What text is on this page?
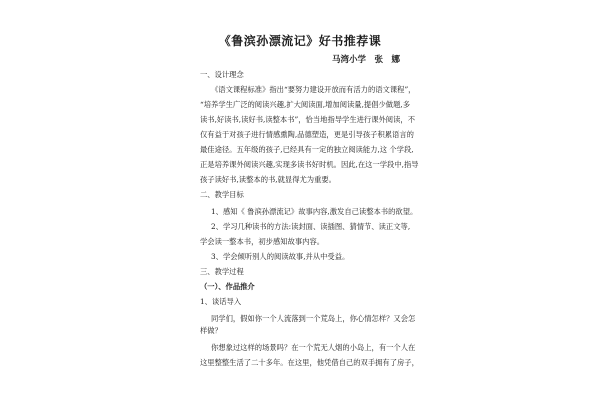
《鲁滨孙漂流记》好书推荐课
马湾小学　张　娜
一、设计理念
《语文课程标准》指出“要努力建设开放而有活力的语文课程”，
“培养学生广泛的阅读兴趣,扩大阅读面,增加阅读量,提倡少做题,多
读书,好读书,读好书,读整本书”，恰当地指导学生进行课外阅读，不
仅有益于对孩子进行情感熏陶,品德塑造，更是引导孩子积累语言的
最佳途径。五年级的孩子,已经具有一定的独立阅读能力,这 个学段,
正是培养课外阅读兴趣,实现多读书好时机。因此,在这一学段中,指导
孩子读好书,读整本的书,就显得尤为重要。
二、教学目标
1、感知《 鲁滨孙漂流记》故事内容,激发自己读整本书的欲望。
2、学习几种读书的方法:读封面、读插图、猜情节、读正文等,
学会读一整本书，初步感知故事内容。
3、学会倾听别人的阅读故事,并从中受益。
三、教学过程
（一）、作品推介
1、谈话导入
同学们，假如你一个人流落到一个荒岛上，你心情怎样？又会怎
样做？
你想象过这样的场景吗？在一个荒无人烟的小岛上，有一个人在
这里整整生活了二十多年。在这里，他凭借自己的双手拥有了房子，
